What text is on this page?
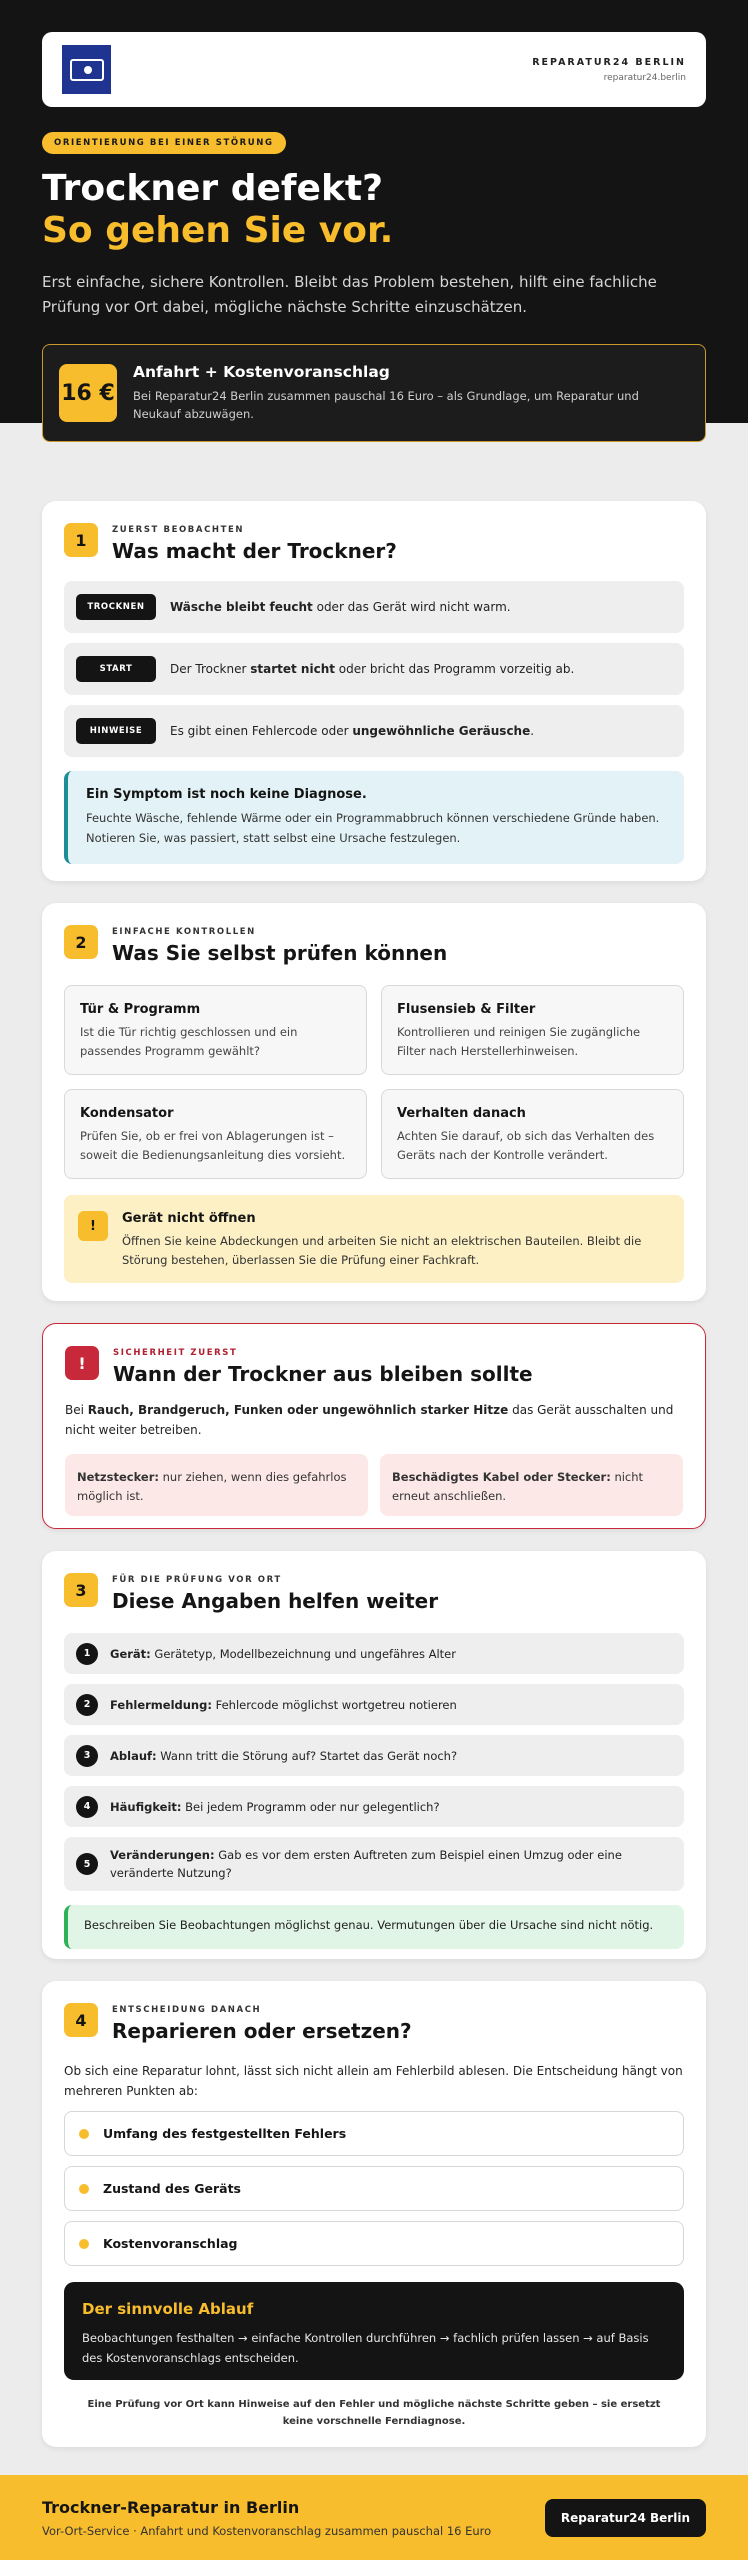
REPARATUR24 BERLIN
reparatur24.berlin
ORIENTIERUNG BEI EINER STÖRUNG
Trockner defekt?
So gehen Sie vor.

Erst einfache, sichere Kontrollen. Bleibt das Problem bestehen, hilft eine fachliche Prüfung vor Ort dabei, mögliche nächste Schritte einzuschätzen.

16 €
Anfahrt + Kostenvoranschlag
Bei Reparatur24 Berlin zusammen pauschal 16 Euro – als Grundlage, um Reparatur und Neukauf abzuwägen.
1
ZUERST BEOBACHTEN
Was macht der Trockner?
TROCKNEN	Wäsche bleibt feucht oder das Gerät wird nicht warm.
START	Der Trockner startet nicht oder bricht das Programm vorzeitig ab.
HINWEISE	Es gibt einen Fehlercode oder ungewöhnliche Geräusche.
Ein Symptom ist noch keine Diagnose.
Feuchte Wäsche, fehlende Wärme oder ein Programmabbruch können verschiedene Gründe haben. Notieren Sie, was passiert, statt selbst eine Ursache festzulegen.
2
EINFACHE KONTROLLEN
Was Sie selbst prüfen können
Tür & Programm
Ist die Tür richtig geschlossen und ein passendes Programm gewählt?
Flusensieb & Filter
Kontrollieren und reinigen Sie zugängliche Filter nach Herstellerhinweisen.
Kondensator
Prüfen Sie, ob er frei von Ablagerungen ist – soweit die Bedienungsanleitung dies vorsieht.
Verhalten danach
Achten Sie darauf, ob sich das Verhalten des Geräts nach der Kontrolle verändert.
!	Gerät nicht öffnen
Öffnen Sie keine Abdeckungen und arbeiten Sie nicht an elektrischen Bauteilen. Bleibt die Störung bestehen, überlassen Sie die Prüfung einer Fachkraft.
!
SICHERHEIT ZUERST
Wann der Trockner aus bleiben sollte

Bei Rauch, Brandgeruch, Funken oder ungewöhnlich starker Hitze das Gerät ausschalten und nicht weiter betreiben.

Netzstecker: nur ziehen, wenn dies gefahrlos möglich ist.
Beschädigtes Kabel oder Stecker: nicht erneut anschließen.
3
FÜR DIE PRÜFUNG VOR ORT
Diese Angaben helfen weiter
1	Gerät: Gerätetyp, Modellbezeichnung und ungefähres Alter
2	Fehlermeldung: Fehlercode möglichst wortgetreu notieren
3	Ablauf: Wann tritt die Störung auf? Startet das Gerät noch?
4	Häufigkeit: Bei jedem Programm oder nur gelegentlich?
5
Veränderungen: Gab es vor dem ersten Auftreten zum Beispiel einen Umzug oder eine veränderte Nutzung?
Beschreiben Sie Beobachtungen möglichst genau. Vermutungen über die Ursache sind nicht nötig.
4
ENTSCHEIDUNG DANACH
Reparieren oder ersetzen?

Ob sich eine Reparatur lohnt, lässt sich nicht allein am Fehlerbild ablesen. Die Entscheidung hängt von mehreren Punkten ab:

Umfang des festgestellten Fehlers
Zustand des Geräts
Kostenvoranschlag
Der sinnvolle Ablauf
Beobachtungen festhalten → einfache Kontrollen durchführen → fachlich prüfen lassen → auf Basis des Kostenvoranschlags entscheiden.

Eine Prüfung vor Ort kann Hinweise auf den Fehler und mögliche nächste Schritte geben – sie ersetzt keine vorschnelle Ferndiagnose.

Trockner-Reparatur in Berlin
Vor-Ort-Service · Anfahrt und Kostenvoranschlag zusammen pauschal 16 Euro
Reparatur24 Berlin
